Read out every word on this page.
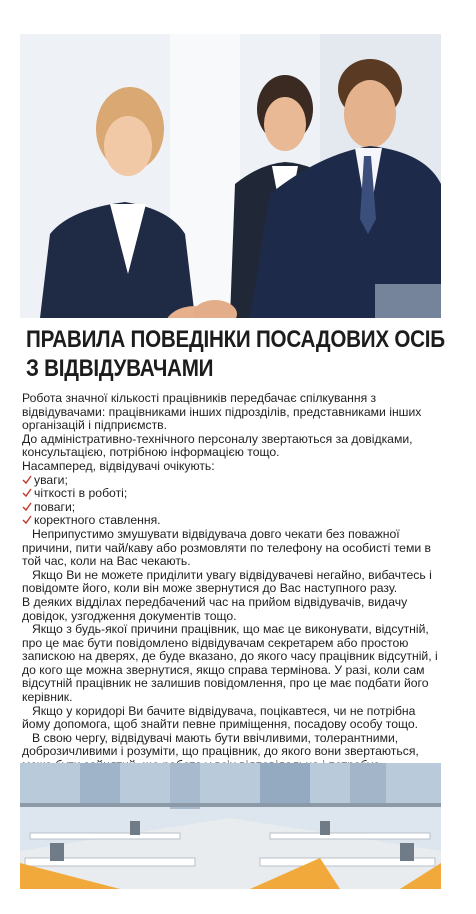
ПРАВИЛА ПОВЕДІНКИ ПОСАДОВИХ ОСІБ
З ВІДВІДУВАЧАМИ

Робота значної кількості працівників передбачає спілкування з відвідувачами: працівниками інших підрозділів, представниками інших організацій і підприємств.

До адміністративно-технічного персоналу звертаються за довідками, консультацією, потрібною інформацією тощо.

Насамперед, відвідувачі очікують:

уваги;
чіткості в роботі;
поваги;
коректного ставлення.

Неприпустимо змушувати відвідувача довго чекати без поважної причини, пити чай/каву або розмовляти по телефону на особисті теми в той час, коли на Вас чекають.

Якщо Ви не можете приділити увагу відвідувачеві негайно, вибачтесь і повідомте його, коли він може звернутися до Вас наступного разу.

В деяких відділах передбачений час на прийом відвідувачів, видачу довідок, узгодження документів тощо.

Якщо з будь-якої причини працівник, що має це виконувати, відсутній, про це має бути повідомлено відвідувачам секретарем або простою запискою на дверях, де буде вказано, до якого часу працівник відсутній, і до кого ще можна звернутися, якщо справа термінова. У разі, коли сам відсутній працівник не залишив повідомлення, про це має подбати його керівник.

Якщо у коридорі Ви бачите відвідувача, поцікавтеся, чи не потрібна йому допомога, щоб знайти певне приміщення, посадову особу тощо.

В свою чергу, відвідувачі мають бути ввічливими, толерантними, доброзичливими і розуміти, що працівник, до якого вони звертаються,
